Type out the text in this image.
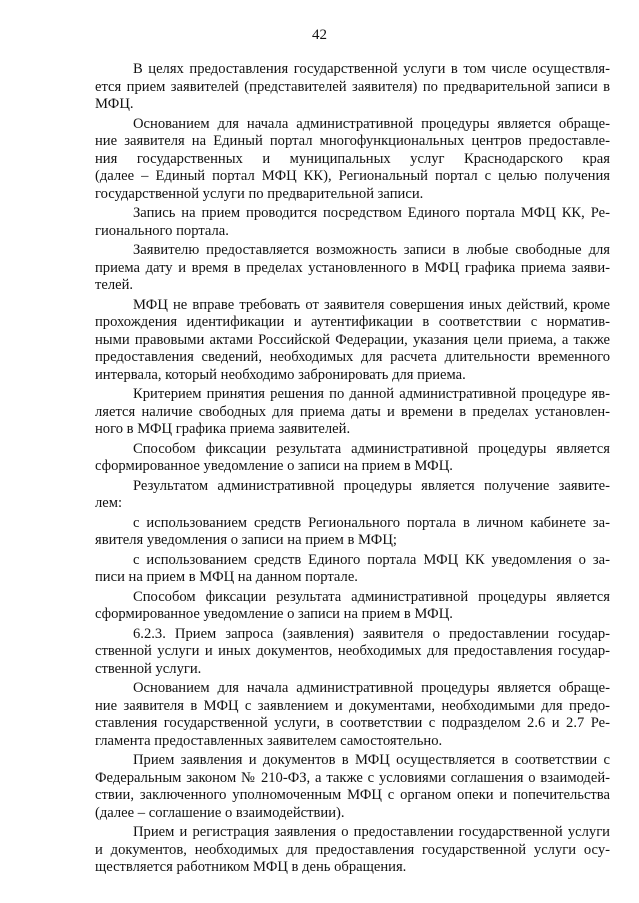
42
В целях предоставления государственной услуги в том числе осуществля-
ется прием заявителей (представителей заявителя) по предварительной записи в
МФЦ.
Основанием для начала административной процедуры является обраще-
ние заявителя на Единый портал многофункциональных центров предоставле-
ния государственных и муниципальных услуг Краснодарского края
(далее – Единый портал МФЦ КК), Региональный портал с целью получения
государственной услуги по предварительной записи.
Запись на прием проводится посредством Единого портала МФЦ КК, Ре-
гионального портала.
Заявителю предоставляется возможность записи в любые свободные для
приема дату и время в пределах установленного в МФЦ графика приема заяви-
телей.
МФЦ не вправе требовать от заявителя совершения иных действий, кроме
прохождения идентификации и аутентификации в соответствии с норматив-
ными правовыми актами Российской Федерации, указания цели приема, а также
предоставления сведений, необходимых для расчета длительности временного
интервала, который необходимо забронировать для приема.
Критерием принятия решения по данной административной процедуре яв-
ляется наличие свободных для приема даты и времени в пределах установлен-
ного в МФЦ графика приема заявителей.
Способом фиксации результата административной процедуры является
сформированное уведомление о записи на прием в МФЦ.
Результатом административной процедуры является получение заявите-
лем:
с использованием средств Регионального портала в личном кабинете за-
явителя уведомления о записи на прием в МФЦ;
с использованием средств Единого портала МФЦ КК уведомления о за-
писи на прием в МФЦ на данном портале.
Способом фиксации результата административной процедуры является
сформированное уведомление о записи на прием в МФЦ.
6.2.3. Прием запроса (заявления) заявителя о предоставлении государ-
ственной услуги и иных документов, необходимых для предоставления государ-
ственной услуги.
Основанием для начала административной процедуры является обраще-
ние заявителя в МФЦ с заявлением и документами, необходимыми для предо-
ставления государственной услуги, в соответствии с подразделом 2.6 и 2.7 Ре-
гламента предоставленных заявителем самостоятельно.
Прием заявления и документов в МФЦ осуществляется в соответствии с
Федеральным законом № 210-ФЗ, а также с условиями соглашения о взаимодей-
ствии, заключенного уполномоченным МФЦ с органом опеки и попечительства
(далее – соглашение о взаимодействии).
Прием и регистрация заявления о предоставлении государственной услуги
и документов, необходимых для предоставления государственной услуги осу-
ществляется работником МФЦ в день обращения.
